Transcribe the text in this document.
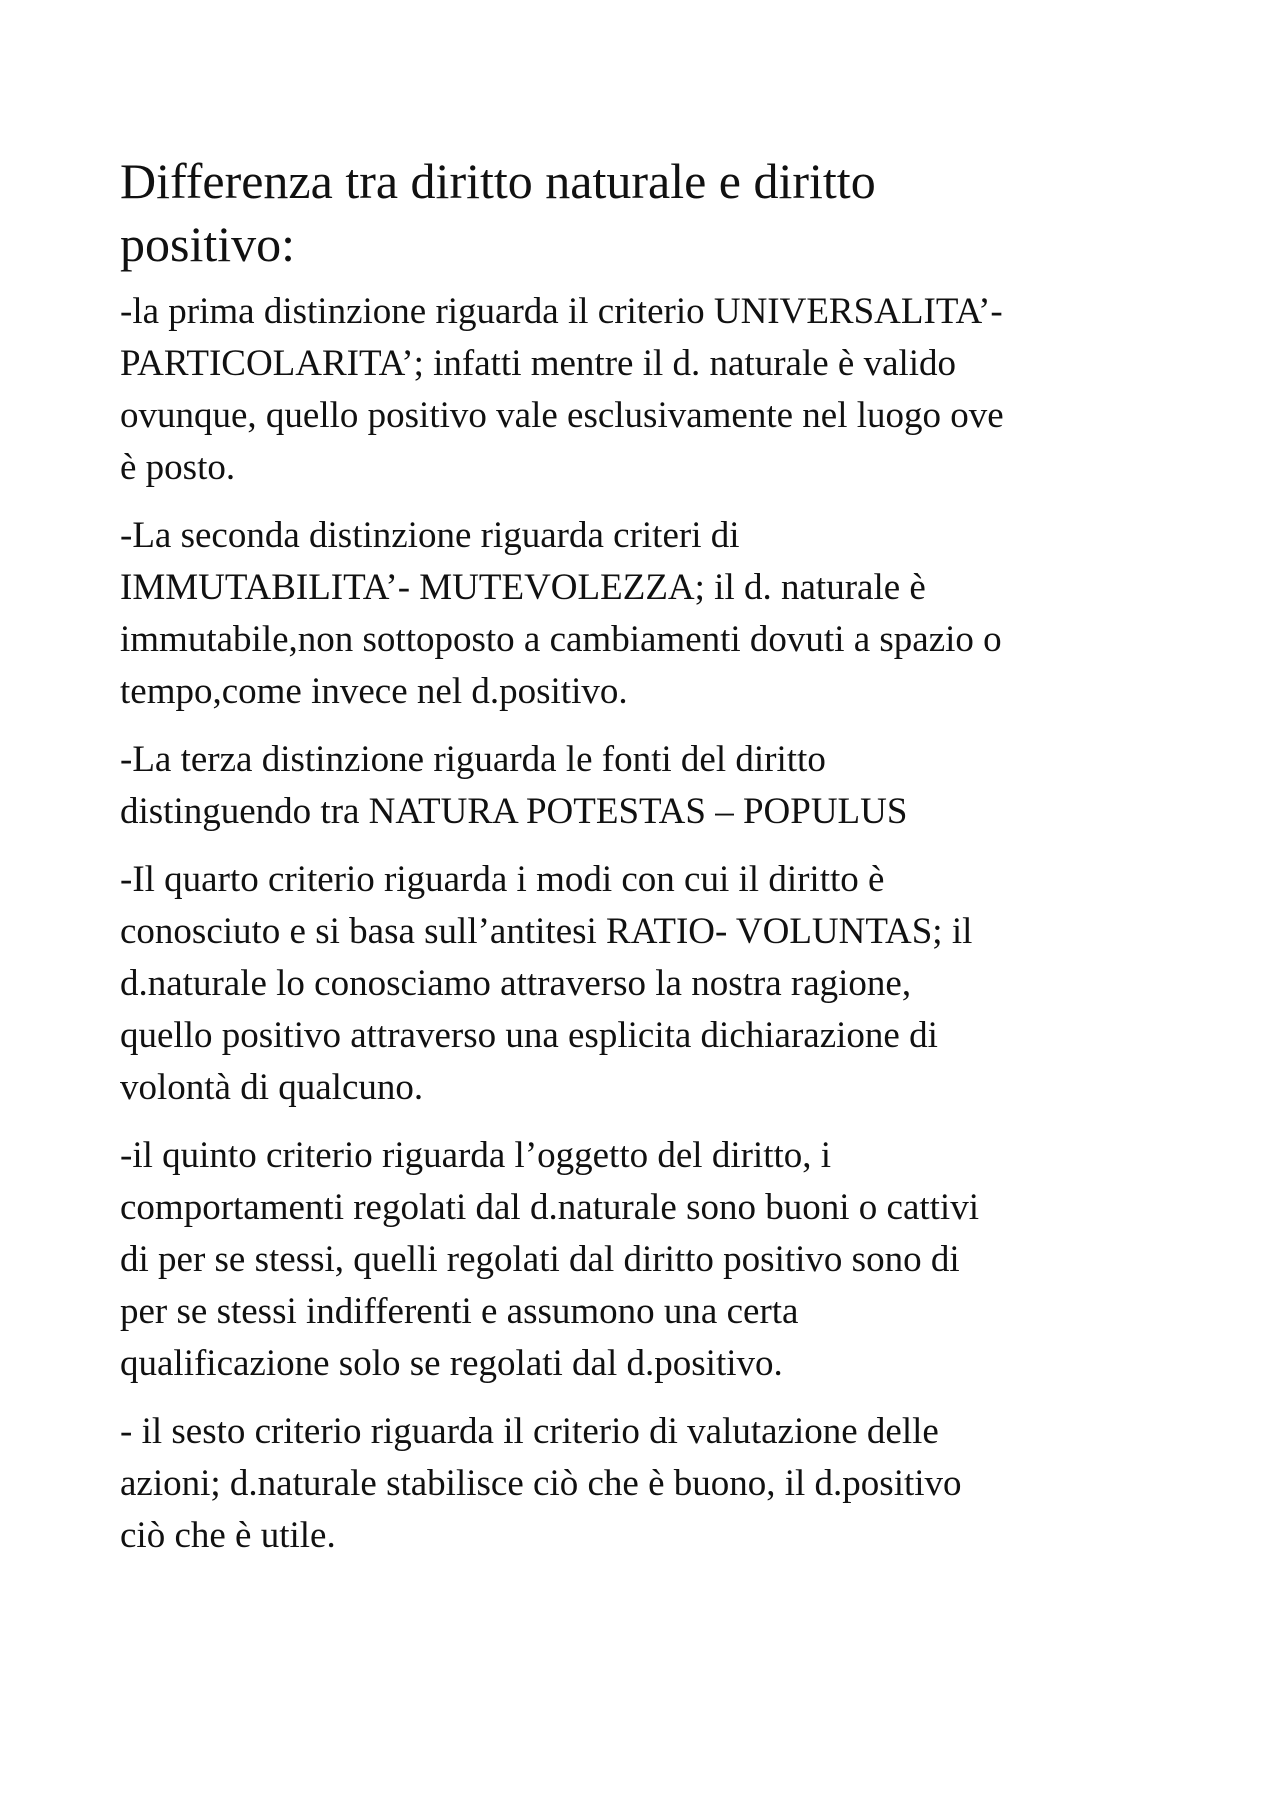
Differenza tra diritto naturale e diritto
positivo:

-la prima distinzione riguarda il criterio UNIVERSALITA’-
PARTICOLARITA’; infatti mentre il d. naturale è valido
ovunque, quello positivo vale esclusivamente nel luogo ove
è posto.

-La seconda distinzione riguarda criteri di
IMMUTABILITA’- MUTEVOLEZZA; il d. naturale è
immutabile,non sottoposto a cambiamenti dovuti a spazio o
tempo,come invece nel d.positivo.

-La terza distinzione riguarda le fonti del diritto
distinguendo tra NATURA POTESTAS – POPULUS

-Il quarto criterio riguarda i modi con cui il diritto è
conosciuto e si basa sull’antitesi RATIO- VOLUNTAS; il
d.naturale lo conosciamo attraverso la nostra ragione,
quello positivo attraverso una esplicita dichiarazione di
volontà di qualcuno.

-il quinto criterio riguarda l’oggetto del diritto, i
comportamenti regolati dal d.naturale sono buoni o cattivi
di per se stessi, quelli regolati dal diritto positivo sono di
per se stessi indifferenti e assumono una certa
qualificazione solo se regolati dal d.positivo.

- il sesto criterio riguarda il criterio di valutazione delle
azioni; d.naturale stabilisce ciò che è buono, il d.positivo
ciò che è utile.
